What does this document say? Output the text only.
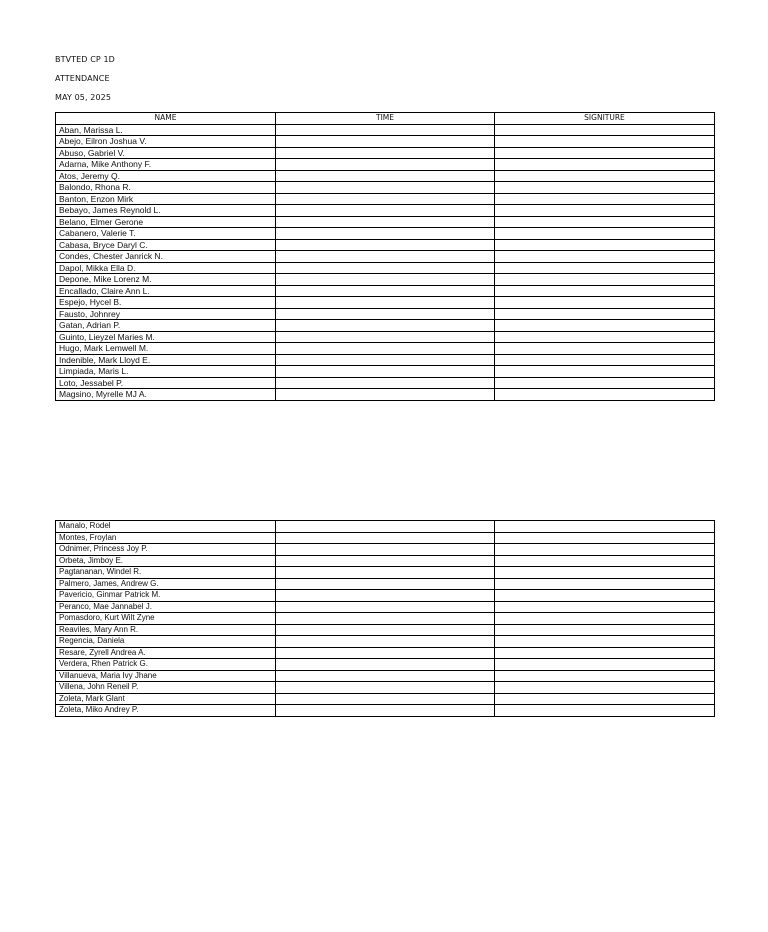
BTVTED CP 1D
ATTENDANCE
MAY 05, 2025
NAME	TIME	SIGNITURE
Aban, Marissa L.		
Abejo, Eilron Joshua V.		
Abuso, Gabriel V.		
Adarna, Mike Anthony F.		
Atos, Jeremy Q.		
Balondo, Rhona R.		
Banton, Enzon Mirk		
Bebayo, James Reynold L.		
Belano, Elmer Gerone		
Cabanero, Valerie T.		
Cabasa, Bryce Daryl C.		
Condes, Chester Janrick N.		
Dapol, Mikka Ella D.		
Depone, Mike Lorenz M.		
Encallado, Claire Ann L.		
Espejo, Hycel B.		
Fausto, Johnrey		
Gatan, Adrian P.		
Guinto, Lieyzel Maries M.		
Hugo, Mark Lemwell M.		
Indenible, Mark Lloyd E.		
Limpiada, Maris L.		
Loto, Jessabel P.		
Magsino, Myrelle MJ A.		
Manalo, Rodel		
Montes, Froylan		
Odnimer, Princess Joy P.		
Orbeta, Jimboy E.		
Pagtananan, Windel R.		
Palmero, James, Andrew G.		
Pavericio, Ginmar Patrick M.		
Peranco, Mae Jannabel J.		
Pomasdoro, Kurt Wilt Zyne		
Reaviles, Mary Ann R.		
Regencia, Daniela		
Resare, Zyrell Andrea A.		
Verdera, Rhen Patrick G.		
Villanueva, Maria Ivy Jhane		
Villena, John Reneil P.		
Zoleta, Mark Glant		
Zoleta, Miko Andrey P.		
